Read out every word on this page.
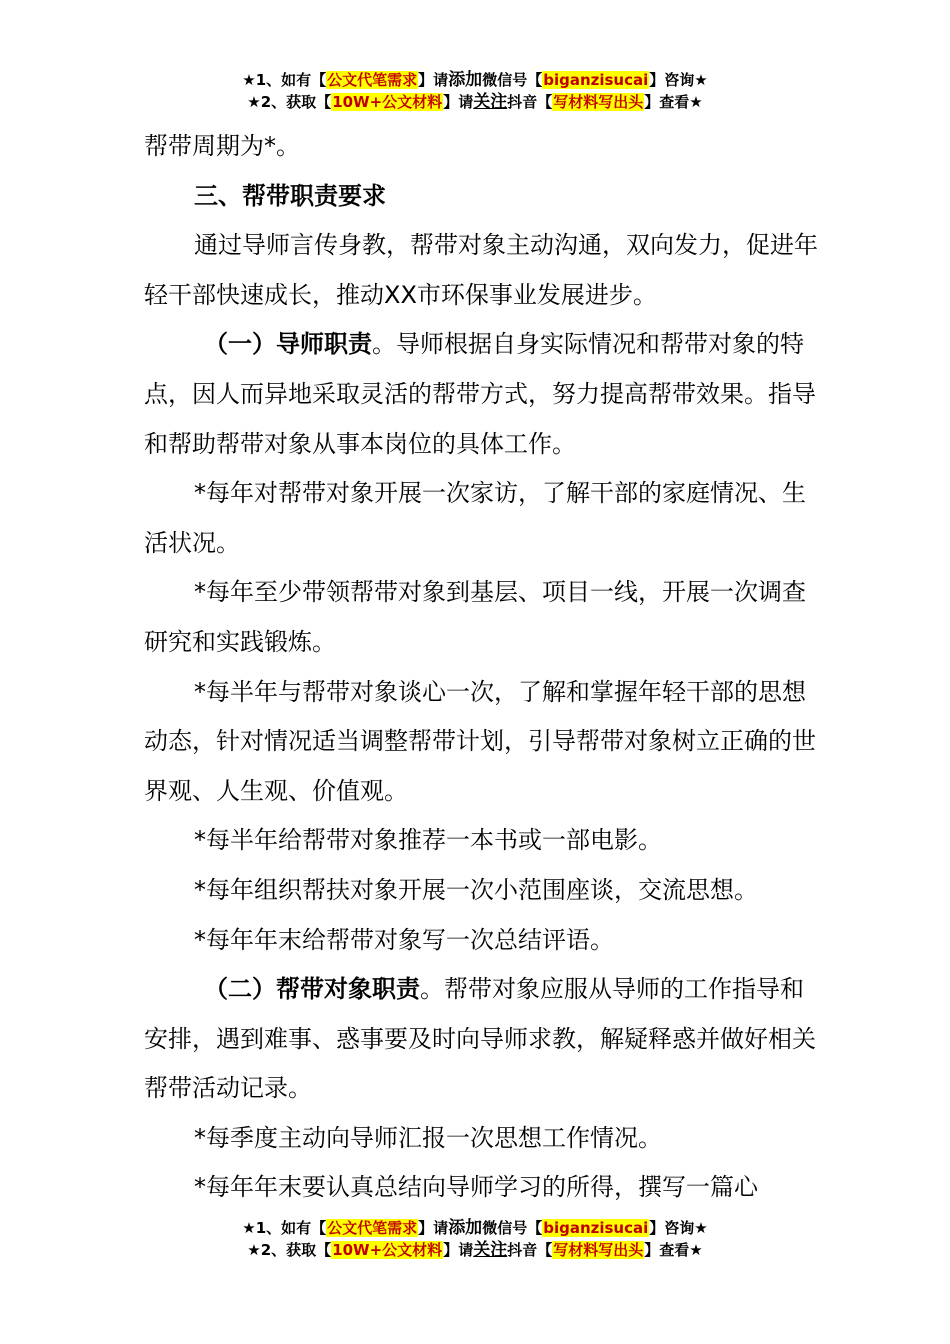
★1、如有【公文代笔需求】请添加微信号【biganzisucai】咨询★
★2、获取【10W+公文材料】请关注抖音【写材料写出头】查看★

帮带周期为*。

三、帮带职责要求

通过导师言传身教，帮带对象主动沟通，双向发力，促进年轻干部快速成长，推动XX市环保事业发展进步。

（一）导师职责。导师根据自身实际情况和帮带对象的特点，因人而异地采取灵活的帮带方式，努力提高帮带效果。指导和帮助帮带对象从事本岗位的具体工作。

*每年对帮带对象开展一次家访，了解干部的家庭情况、生活状况。

*每年至少带领帮带对象到基层、项目一线，开展一次调查研究和实践锻炼。

*每半年与帮带对象谈心一次，了解和掌握年轻干部的思想动态，针对情况适当调整帮带计划，引导帮带对象树立正确的世界观、人生观、价值观。

*每半年给帮带对象推荐一本书或一部电影。

*每年组织帮扶对象开展一次小范围座谈，交流思想。

*每年年末给帮带对象写一次总结评语。

（二）帮带对象职责。帮带对象应服从导师的工作指导和安排，遇到难事、惑事要及时向导师求教，解疑释惑并做好相关帮带活动记录。

*每季度主动向导师汇报一次思想工作情况。

*每年年末要认真总结向导师学习的所得，撰写一篇心

★1、如有【公文代笔需求】请添加微信号【biganzisucai】咨询★
★2、获取【10W+公文材料】请关注抖音【写材料写出头】查看★
